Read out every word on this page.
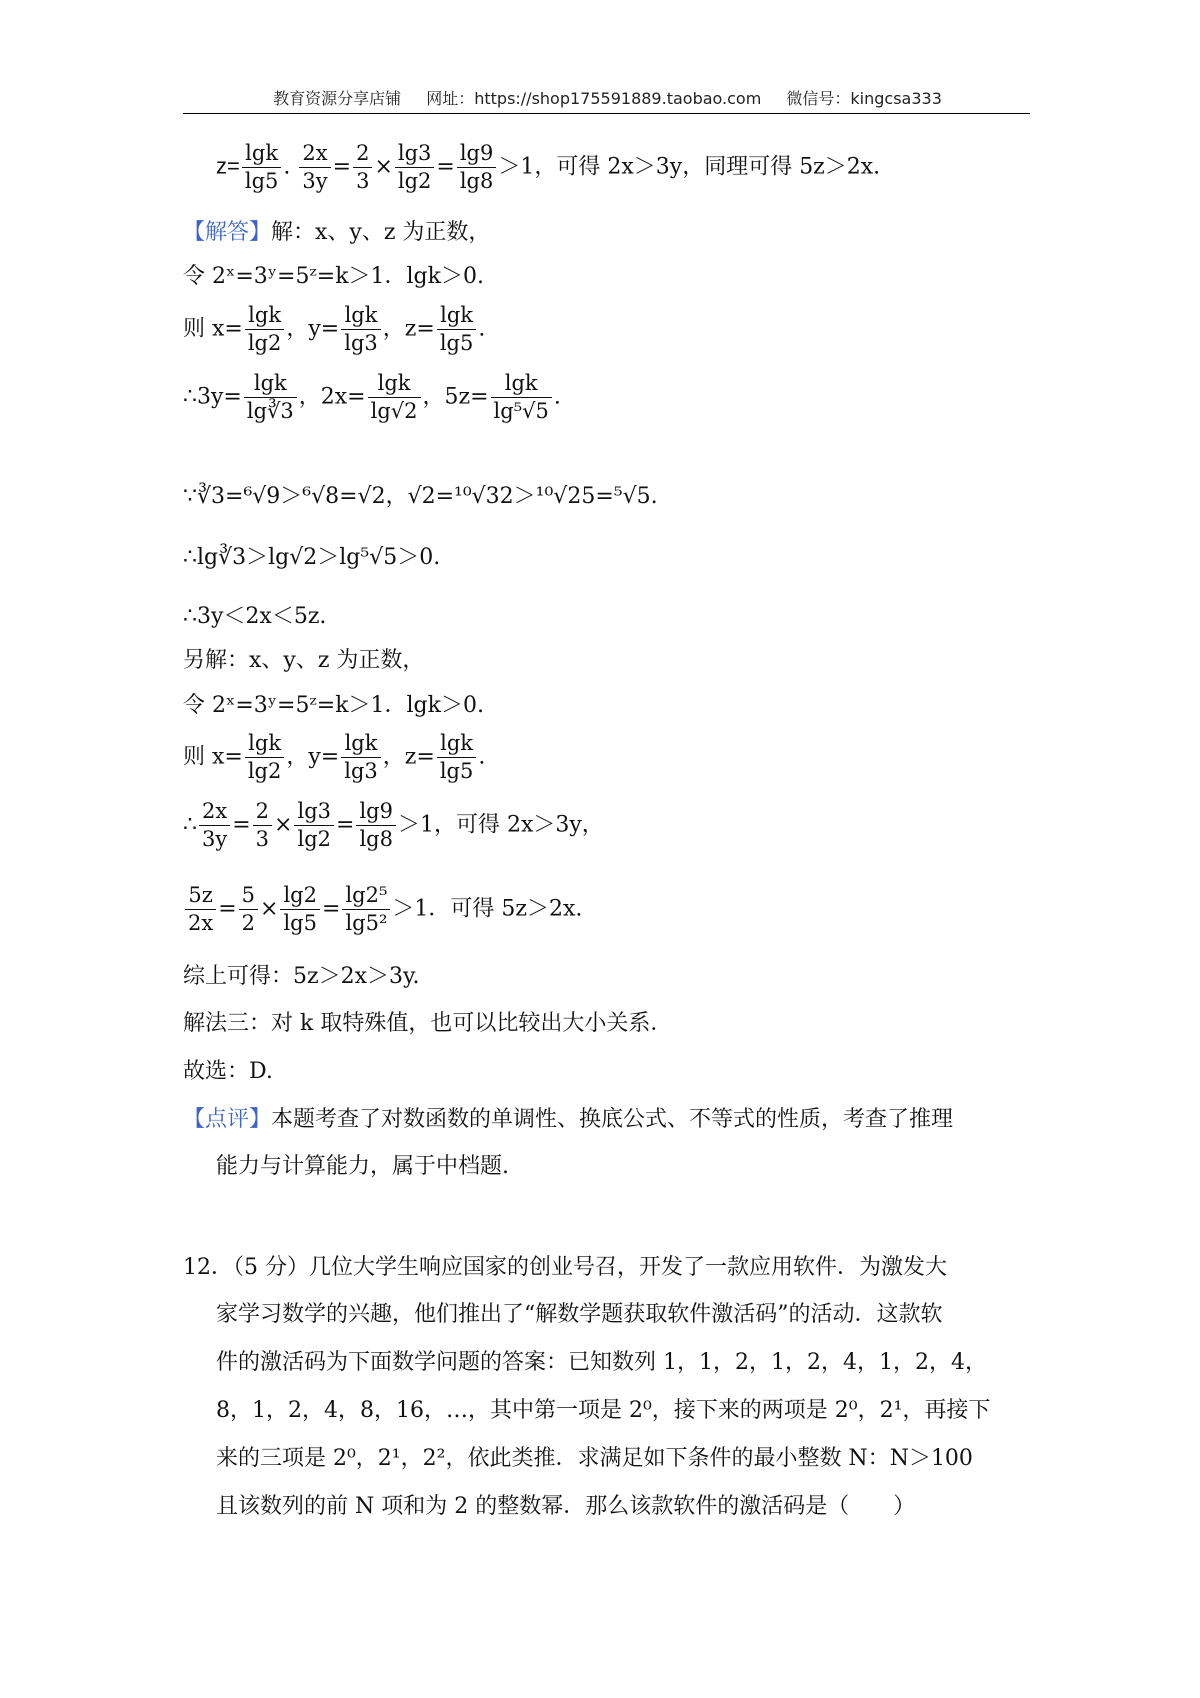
教育资源分享店铺 网址：https://shop175591889.taobao.com 微信号：kingcsa333
$z= \frac{\lg k}{\lg 5}$ . $\frac{2x}{3y} = \frac{2}{3} \times \frac{\lg 3}{\lg 2} = \frac{\lg 9}{\lg 8} >1$，可得 2x＞3y，同理可得 5z＞2x.
【解答】解：x、y、z 为正数，
令 2ˣ=3ʸ=5ᶻ=k＞1．lgk＞0.
则 $x= \frac{\lg k}{\lg 2}$ ，$y= \frac{\lg k}{\lg 3}$ ，$z= \frac{\lg k}{\lg 5}$ .
∴3y= $\frac{\lg k}{\lg∛3}$ ，$2x= \frac{\lg k}{\lg√2}$ ，$5z= \frac{\lg k}{\text{lg⁵√5}}$ .
∵∛3=⁶√9＞⁶√8=√2，√2=¹⁰√32＞¹⁰√25=⁵√5.
∴lg∛3＞lg√2＞lg⁵√5＞0.
∴3y＜2x＜5z.
另解：x、y、z 为正数，
令 2ˣ=3ʸ=5ᶻ=k＞1．lgk＞0.
则 $x= \frac{\lg k}{\lg 2}$ ，$y= \frac{\lg k}{\lg 3}$ ，$z= \frac{\lg k}{\lg 5}$ .
∴ $\frac{2x}{3y} = \frac{2}{3} \times \frac{\lg 3}{\lg 2} = \frac{\lg 9}{\lg 8} >1$，可得 2x＞3y，
$\frac{5z}{2x} = \frac{5}{2} \times \frac{\lg 2}{\lg 5} = \frac{\text{lg2⁵}}{\text{lg5²}} >1$．可得 5z＞2x.
综上可得：5z＞2x＞3y.
解法三：对 k 取特殊值，也可以比较出大小关系．
故选：D.
【点评】本题考查了对数函数的单调性、换底公式、不等式的性质，考查了推理
能力与计算能力，属于中档题.
12．（5 分）几位大学生响应国家的创业号召，开发了一款应用软件．为激发大
家学习数学的兴趣，他们推出了“解数学题获取软件激活码”的活动．这款软
件的激活码为下面数学问题的答案：已知数列 1，1，2，1，2，4，1，2，4，
8，1，2，4，8，16，…，其中第一项是 2⁰，接下来的两项是 2⁰，2¹，再接下
来的三项是 2⁰，2¹，2²，依此类推．求满足如下条件的最小整数 N：N＞100
且该数列的前 N 项和为 2 的整数幂．那么该款软件的激活码是（　　）
